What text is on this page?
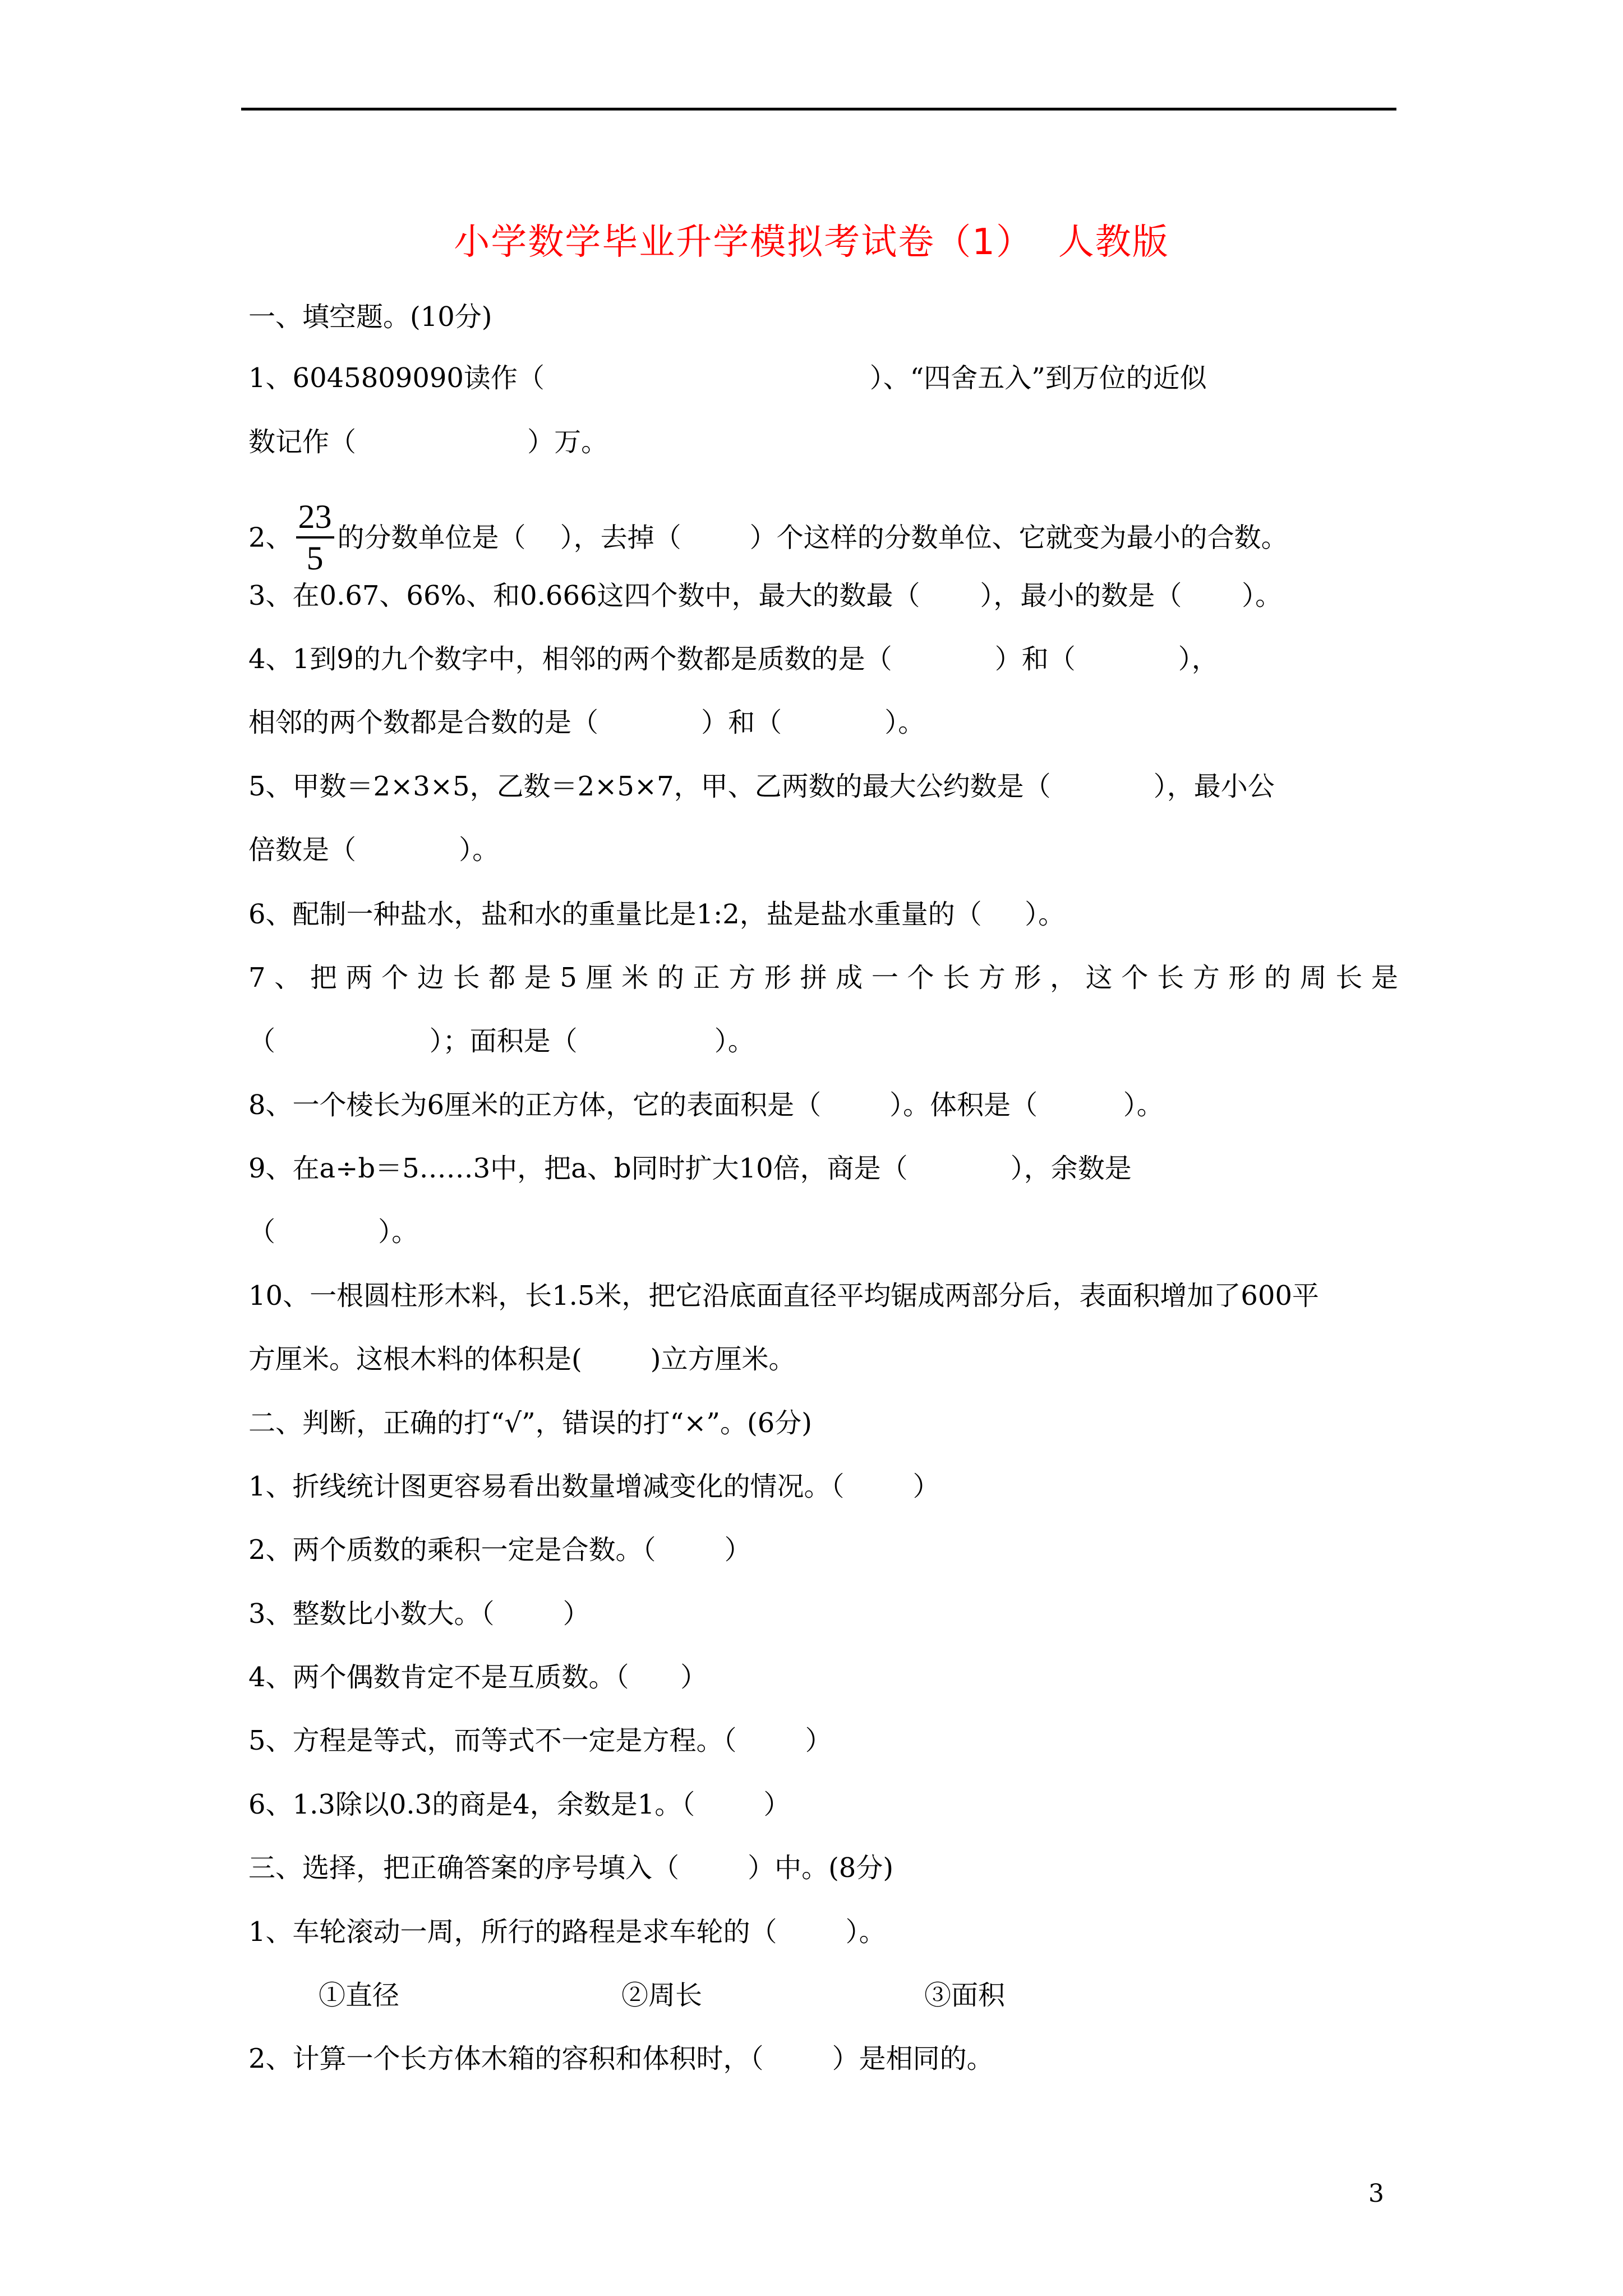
小学数学毕业升学模拟考试卷（1）  人教版
一、填空题。(10分)
1、6045809090读作（                                      ）、“四舍五入”到万位的近似
数记作（                    ）万。
2、 $\frac{23}{5}$ 的分数单位是（    ），去掉（        ）个这样的分数单位、它就变为最小的合数。
3、在0.67、66%、和0.666这四个数中，最大的数最（       ），最小的数是（       ）。
4、1到9的九个数字中，相邻的两个数都是质数的是（            ）和（            ），
相邻的两个数都是合数的是（            ）和（            ）。
5、甲数＝2×3×5，乙数＝2×5×7，甲、乙两数的最大公约数是（            ），最小公
倍数是（            ）。
6、配制一种盐水，盐和水的重量比是1:2，盐是盐水重量的（     ）。
7、把两个边长都是5厘米的正方形拼成一个长方形，这个长方形的周长是
（                  ）；面积是（                ）。
8、一个棱长为6厘米的正方体，它的表面积是（        ）。体积是（          ）。
9、在a÷b＝5……3中，把a、b同时扩大10倍，商是（            ），余数是
（            ）。
10、一根圆柱形木料，长1.5米，把它沿底面直径平均锯成两部分后，表面积增加了600平
方厘米。这根木料的体积是(        )立方厘米。
二、判断，正确的打“√”，错误的打“×”。(6分)
1、折线统计图更容易看出数量增减变化的情况。（        ）
2、两个质数的乘积一定是合数。（        ）
3、整数比小数大。（        ）
4、两个偶数肯定不是互质数。（      ）
5、方程是等式，而等式不一定是方程。（        ）
6、1.3除以0.3的商是4，余数是1。（        ）
三、选择，把正确答案的序号填入（        ）中。(8分)
1、车轮滚动一周，所行的路程是求车轮的（        ）。
①直径	②周长	③面积
2、计算一个长方体木箱的容积和体积时，（        ）是相同的。
3
